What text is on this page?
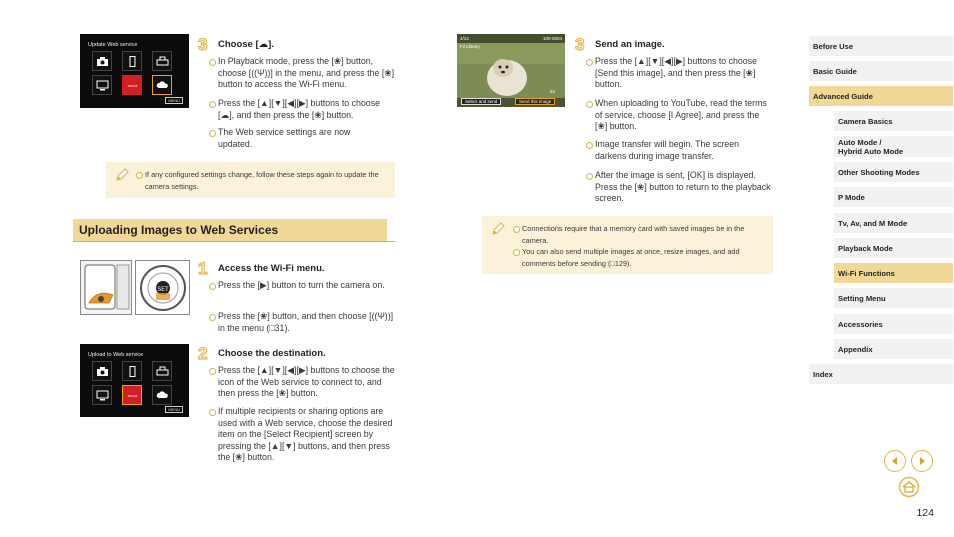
Update Web service
IMAGE
MENU
3 Choose [☁].
In Playback mode, press the [❀] button, choose [((Ψ))] in the menu, and press the [❀] button to access the Wi-Fi menu.
Press the [▲][▼][◀][▶] buttons to choose [☁], and then press the [❀] button.
The Web service settings are now updated.
If any configured settings change, follow these steps again to update the camera settings.
Uploading Images to Web Services
SET
1 Access the Wi-Fi menu.
Press the [▶] button to turn the camera on.
Press the [❀] button, and then choose [((Ψ))] in the menu (□31).
Upload to Web service
IMAGE
MENU
2 Choose the destination.
Press the [▲][▼][◀][▶] buttons to choose the icon of the Web service to connect to, and then press the [❀] button.
If multiple recipients or sharing options are used with a Web service, choose the desired item on the [Select Recipient] screen by pressing the [▲][▼] buttons, and then press the [❀] button.
4/14	100-0004
Fil Library
S2
Select and send	Send this image
3 Send an image.
Press the [▲][▼][◀][▶] buttons to choose [Send this image], and then press the [❀] button.
When uploading to YouTube, read the terms of service, choose [I Agree], and press the [❀] button.
Image transfer will begin. The screen darkens during image transfer.
After the image is sent, [OK] is displayed. Press the [❀] button to return to the playback screen.
Connections require that a memory card with saved images be in the camera.
You can also send multiple images at once, resize images, and add comments before sending (□129).
Before Use
Basic Guide
Advanced Guide
Camera Basics
Auto Mode /
Hybrid Auto Mode
Other Shooting Modes
P Mode
Tv, Av, and M Mode
Playback Mode
Wi-Fi Functions
Setting Menu
Accessories
Appendix
Index
124
